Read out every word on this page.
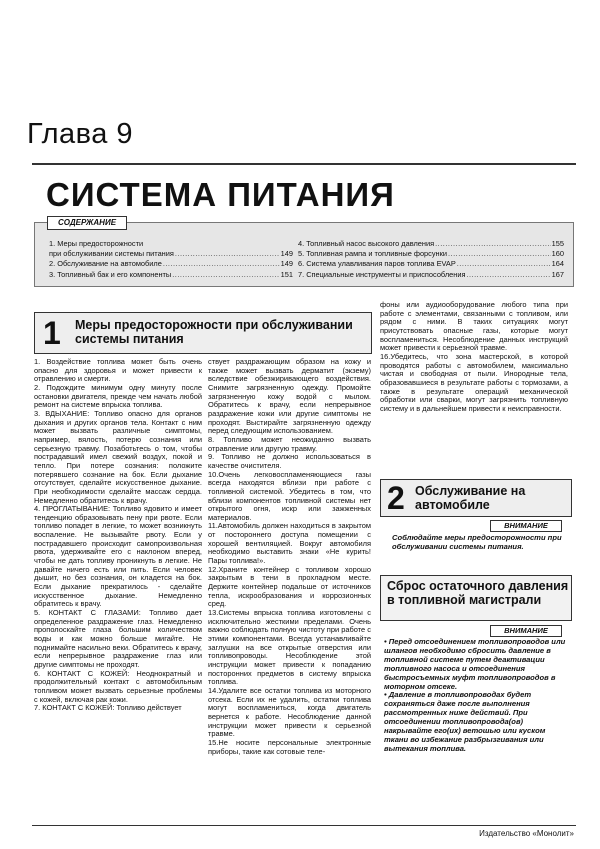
Глава 9
СИСТЕМА ПИТАНИЯ
1. Меры предосторожности
при обслуживании системы питания .....	149
2. Обслуживание на автомобиле .....	149
3. Топливный бак и его компоненты .....	151
4. Топливный насос высокого давления .....	155
5. Топливная рампа и топливные форсунки .....	160
6. Система улавливания паров топлива EVAP .....	164
7. Специальные инструменты и приспособления .....	167
СОДЕРЖАНИЕ
1 Меры предосторожности при обслуживании системы питания

1. Воздействие топлива может быть очень опасно для здоровья и может привести к отравлению и смерти.

2. Подождите минимум одну минуту после остановки двигателя, прежде чем начать любой ремонт на системе впрыска топлива.

3. ВДЫХАНИЕ: Топливо опасно для органов дыхания и других органов тела. Контакт с ним может вызвать различные симптомы, например, вялость, потерю сознания или серьезную травму. Позаботьтесь о том, чтобы пострадавший имел свежий воздух, покой и тепло. При потере сознания: положите потерявшего сознание на бок. Если дыхание отсутствует, сделайте искусственное дыхание. При необходимости сделайте массаж сердца. Немедленно обратитесь к врачу.

4. ПРОГЛАТЫВАНИЕ: Топливо ядовито и имеет тенденцию образовывать пену при рвоте. Если топливо попадет в легкие, то может возникнуть воспаление. Не вызывайте рвоту. Если у пострадавшего происходит самопроизвольная рвота, удерживайте его с наклоном вперед, чтобы не дать топливу проникнуть в легкие. Не давайте ничего есть или пить. Если человек дышит, но без сознания, он кладется на бок. Если дыхание прекратилось - сделайте искусственное дыхание. Немедленно обратитесь к врачу.

5. КОНТАКТ С ГЛАЗАМИ: Топливо дает определенное раздражение глаз. Немедленно прополоскайте глаза большим количеством воды и как можно больше мигайте. Не поднимайте насильно веки. Обратитесь к врачу, если непрерывное раздражение глаз или другие симптомы не проходят.

6. КОНТАКТ С КОЖЕЙ: Неоднократный и продолжительный контакт с автомобильным топливом может вызвать серьезные проблемы с кожей, включая рак кожи.

7. КОНТАКТ С КОЖЕЙ: Топливо действует

ствует раздражающим образом на кожу и также может вызвать дерматит (экзему) вследствие обезжиривающего воздействия. Снимите загрязненную одежду. Промойте загрязненную кожу водой с мылом. Обратитесь к врачу, если непрерывное раздражение кожи или другие симптомы не проходят. Выстирайте загрязненную одежду перед следующим использованием.

8. Топливо может неожиданно вызвать отравление или другую травму.

9. Топливо не должно использоваться в качестве очистителя.

10.Очень легковоспламеняющиеся газы всегда находятся вблизи при работе с топливной системой. Убедитесь в том, что вблизи компонентов топливной системы нет открытого огня, искр или зажженных материалов.

11.Автомобиль должен находиться в закрытом от постороннего доступа помещении с хорошей вентиляцией. Вокруг автомобиля необходимо выставить знаки «Не курить! Пары топлива!».

12.Храните контейнер с топливом хорошо закрытым в тени в прохладном месте. Держите контейнер подальше от источников тепла, искрообразования и коррозионных сред.

13.Системы впрыска топлива изготовлены с исключительно жесткими пределами. Очень важно соблюдать полную чистоту при работе с этими компонентами. Всегда устанавливайте заглушки на все открытые отверстия или топливопроводы. Несоблюдение этой инструкции может привести к попаданию посторонних предметов в систему впрыска топлива.

14.Удалите все остатки топлива из моторного отсека. Если их не удалить, остатки топлива могут воспламениться, когда двигатель вернется к работе. Несоблюдение данной инструкции может привести к серьезной травме.

15.Не носите персональные электронные приборы, такие как сотовые теле-

фоны или аудиооборудование любого типа при работе с элементами, связанными с топливом, или рядом с ними. В таких ситуациях могут присутствовать опасные газы, которые могут воспламениться. Несоблюдение данных инструкций может привести к серьезной травме.

16.Убедитесь, что зона мастерской, в которой проводятся работы с автомобилем, максимально чистая и свободная от пыли. Инородные тела, образовавшиеся в результате работы с тормозами, а также в результате операций механической обработки или сварки, могут загрязнить топливную систему и в дальнейшем привести к неисправности.

2 Обслуживание на автомобиле
ВНИМАНИЕ
Соблюдайте меры предосторожности при обслуживании системы питания.
Сброс остаточного давления в топливной магистрали
ВНИМАНИЕ
• Перед отсоединением топливопроводов или шлангов необходимо сбросить давление в топливной системе путем деактивации топливного насоса и отсоединения быстросъемных муфт топливопроводов в моторном отсеке.
• Давление в топливопроводах будет сохраняться даже после выполнения рассмотренных ниже действий. При отсоединении топливопровода(ов) накрывайте его(их) ветошью или куском ткани во избежание разбрызгивания или вытекания топлива.
Издательство «Монолит»
